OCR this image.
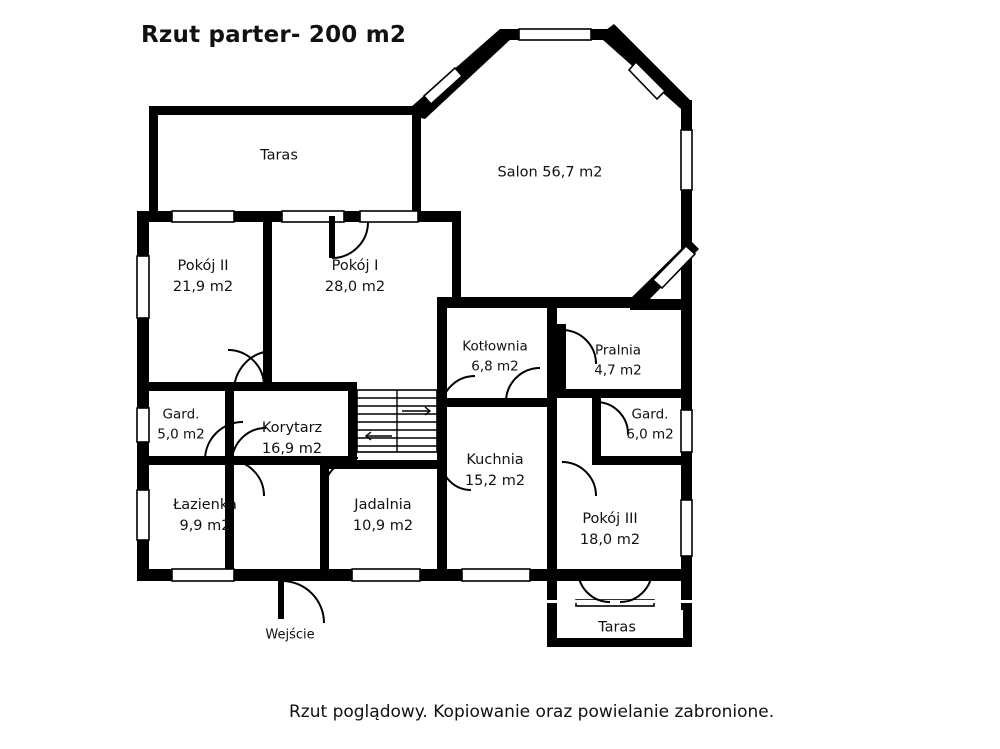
Rzut parter- 200 m2
Taras
Salon 56,7 m2
Pokój II
21,9 m2
Pokój I
28,0 m2
Kotłownia
6,8 m2
Pralnia
4,7 m2
Gard.
5,0 m2	Korytarz
16,9 m2
Gard.
6,0 m2
Kuchnia
15,2 m2
Łazienka
9,9 m2
Jadalnia
10,9 m2	Pokój III
18,0 m2
Taras
Wejście
Rzut poglądowy. Kopiowanie oraz powielanie zabronione.
